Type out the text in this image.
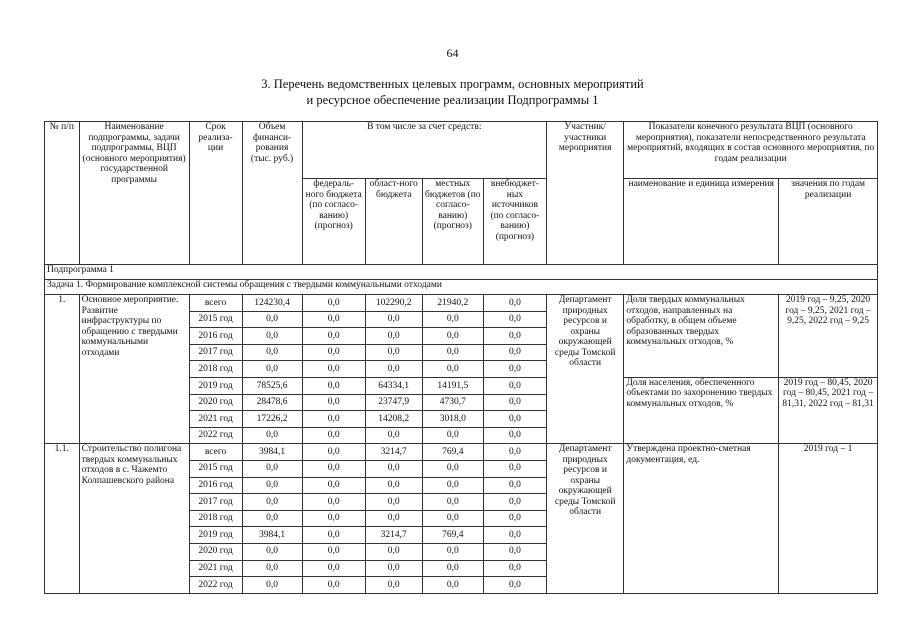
64
3. Перечень ведомственных целевых программ, основных мероприятий
и ресурсное обеспечение реализации Подпрограммы 1
№ п/п	Наименование подпрограммы, задачи подпрограммы, ВЦП (основного мероприятия) государственной программы	Срок реализа-ции	Объем финанси-рования (тыс. руб.)	В том числе за счет средств:				Участник/ участники мероприятия	Показатели конечного результата ВЦП (основного мероприятия), показатели непосредственного результата мероприятий, входящих в состав основного мероприятия, по годам реализации	
				федераль-ного бюджета (по согласо-ванию) (прогноз)	област-ного бюджета	местных бюджетов (по согласо-ванию) (прогноз)	внебюджет-ных источников (по согласо-ванию) (прогноз)		наименование и единица измерения	значения по годам реализации
Подпрограмма 1										
Задача 1. Формирование комплексной системы обращения с твердыми коммунальными отходами										
1.	Основное мероприятие. Развитие инфраструктуры по обращению с твердыми коммунальными отходами	всего	124230,4	0,0	102290,2	21940,2	0,0	Департамент природных ресурсов и охраны окружающей среды Томской области	Доля твердых коммунальных отходов, направленных на обработку, в общем объеме образованных твердых коммунальных отходов, %	2019 год – 9,25, 2020 год – 9,25, 2021 год – 9,25, 2022 год – 9,25
		2015 год	0,0	0,0	0,0	0,0	0,0			
		2016 год	0,0	0,0	0,0	0,0	0,0			
		2017 год	0,0	0,0	0,0	0,0	0,0			
		2018 год	0,0	0,0	0,0	0,0	0,0			
		2019 год	78525,6	0,0	64334,1	14191,5	0,0		Доля населения, обеспеченного объектами по захоронению твердых коммунальных отходов, %	2019 год – 80,45, 2020 год – 80,45, 2021 год – 81,31, 2022 год – 81,31
		2020 год	28478,6	0,0	23747,9	4730,7	0,0			
		2021 год	17226,2	0,0	14208,2	3018,0	0,0			
		2022 год	0,0	0,0	0,0	0,0	0,0			
1.1.	Строительство полигона твердых коммунальных отходов в с. Чажемто Колпашевского района	всего	3984,1	0,0	3214,7	769,4	0,0	Департамент природных ресурсов и охраны окружающей среды Томской области	Утверждена проектно-сметная документация, ед.	2019 год – 1
		2015 год	0,0	0,0	0,0	0,0	0,0			
		2016 год	0,0	0,0	0,0	0,0	0,0			
		2017 год	0,0	0,0	0,0	0,0	0,0			
		2018 год	0,0	0,0	0,0	0,0	0,0			
		2019 год	3984,1	0,0	3214,7	769,4	0,0			
		2020 год	0,0	0,0	0,0	0,0	0,0			
		2021 год	0,0	0,0	0,0	0,0	0,0			
		2022 год	0,0	0,0	0,0	0,0	0,0			
